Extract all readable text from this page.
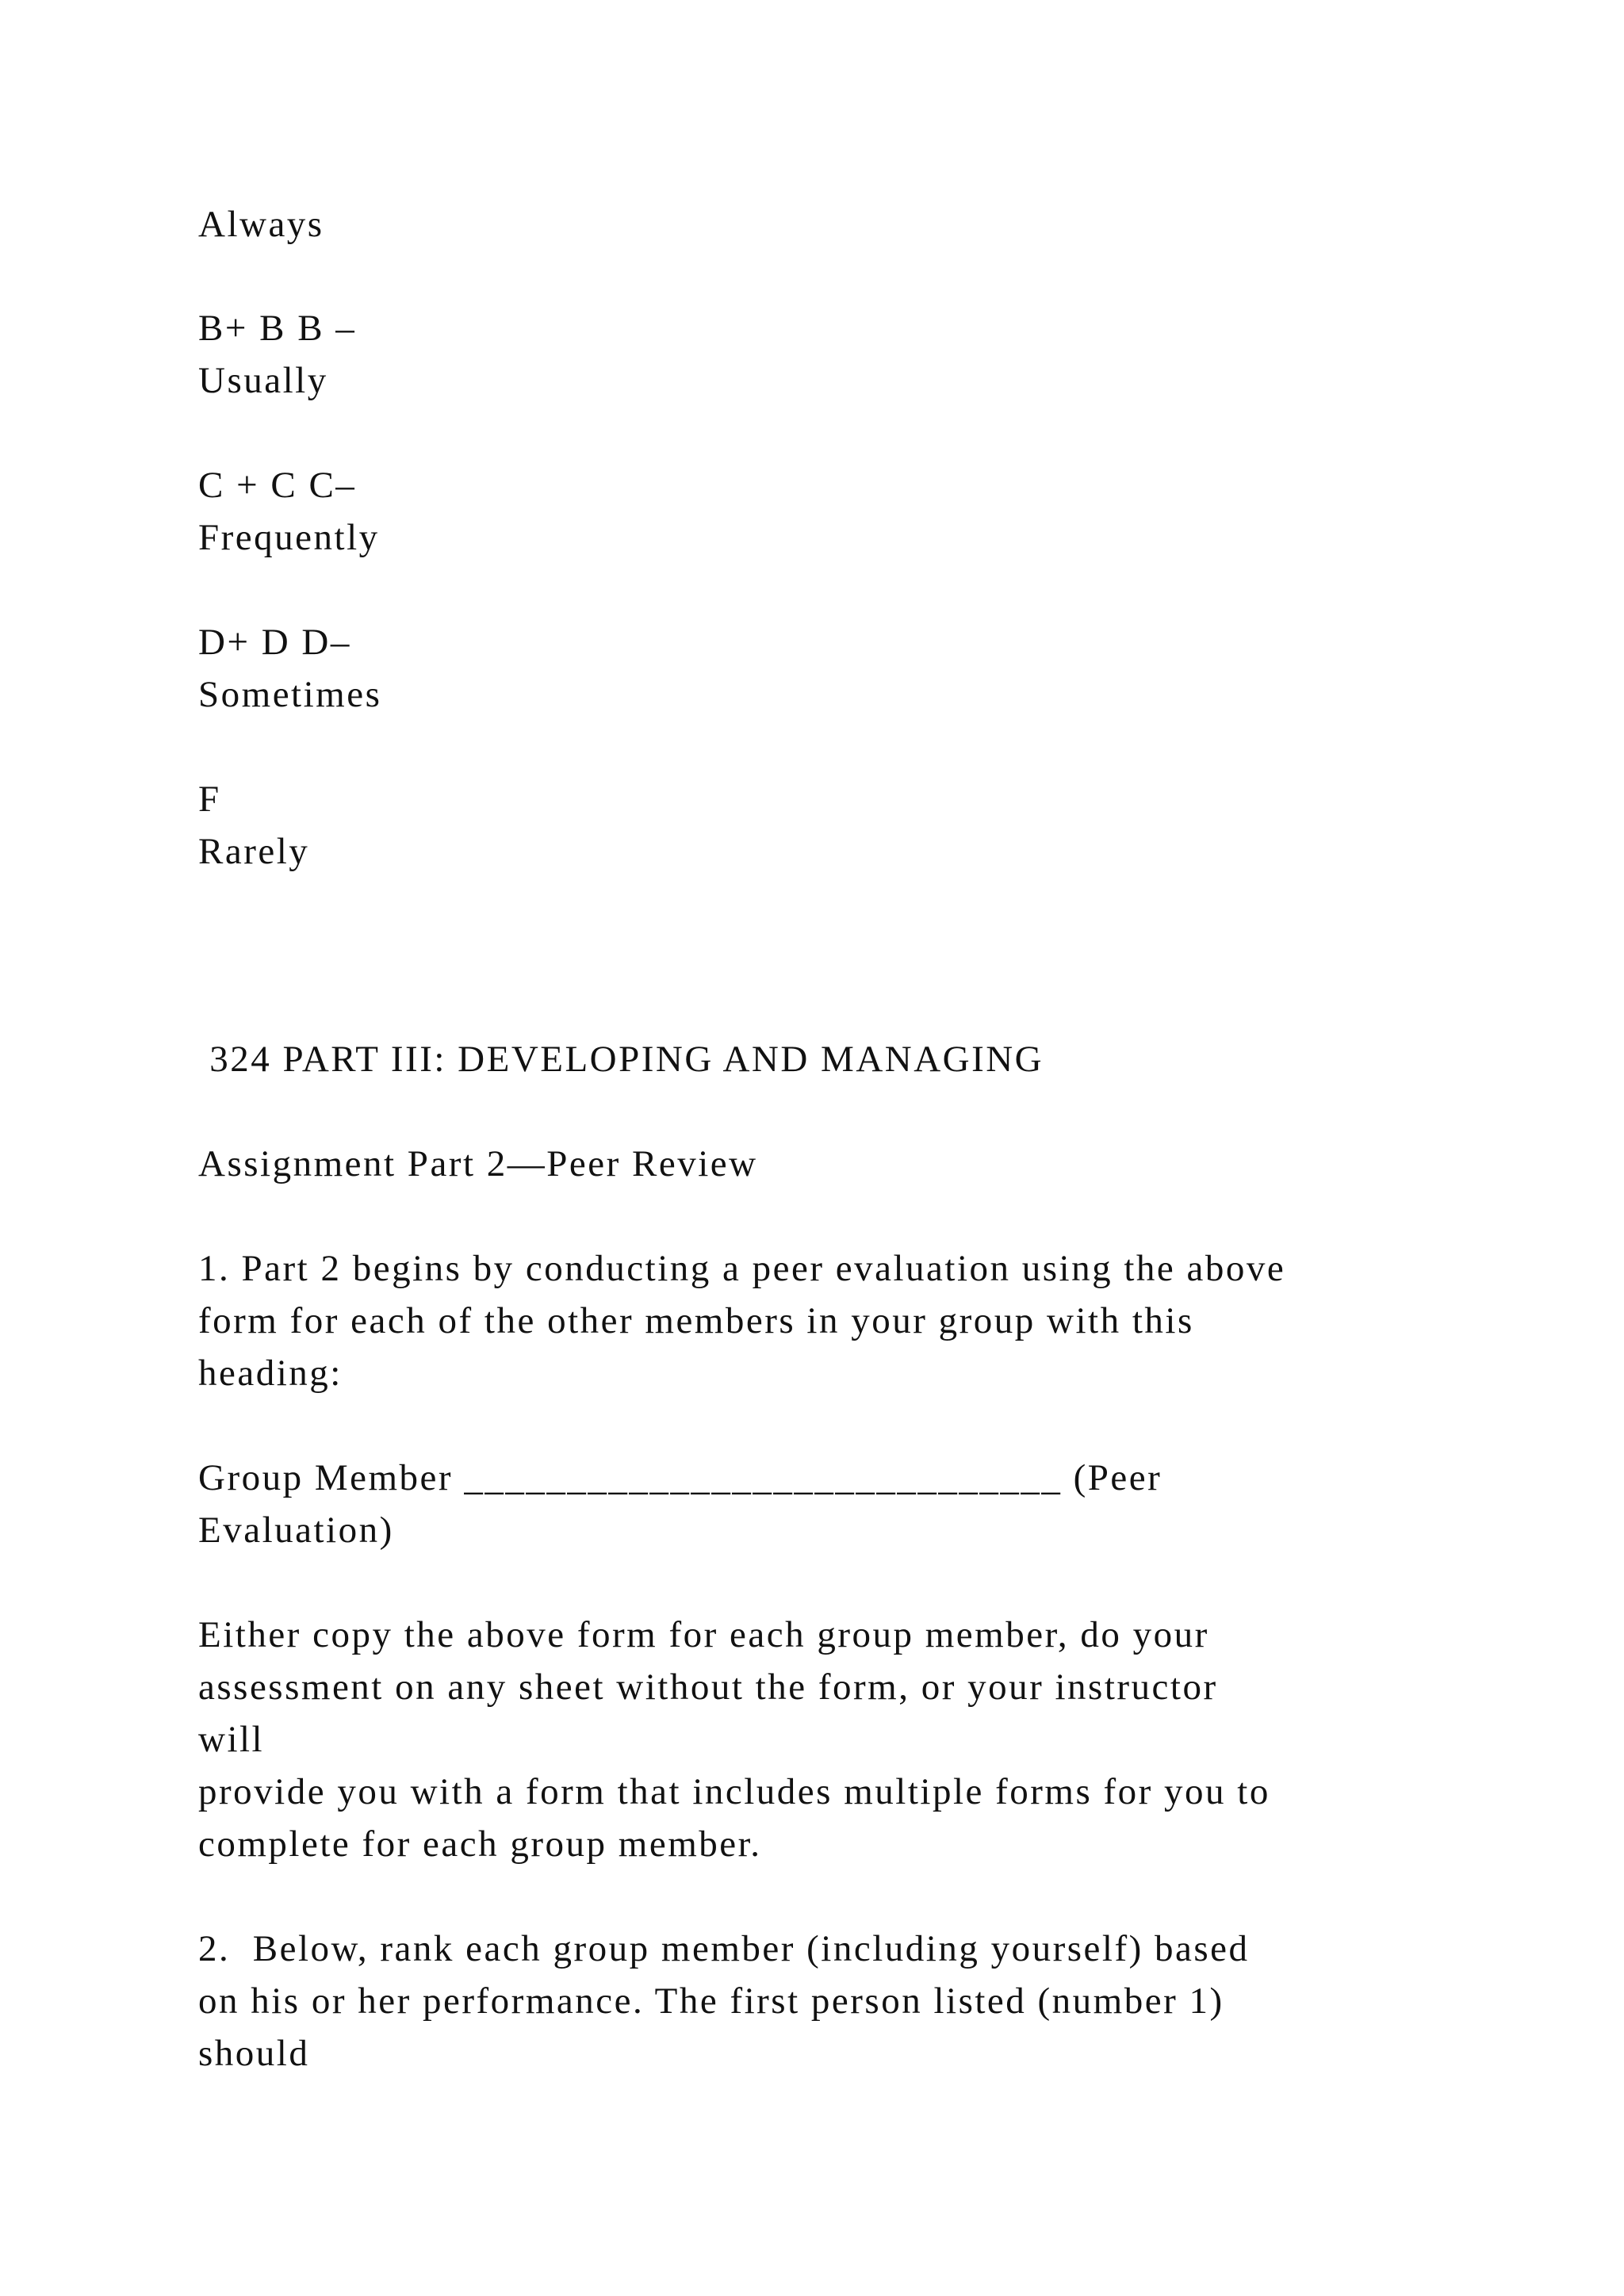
Always
B+ B B –
Usually
C + C C–
Frequently
D+ D D–
Sometimes
F
Rarely
324 PART III: DEVELOPING AND MANAGING
Assignment Part 2—Peer Review
1. Part 2 begins by conducting a peer evaluation using the above
form for each of the other members in your group with this
heading:
Group Member _____________________________ (Peer
Evaluation)
Either copy the above form for each group member, do your
assessment on any sheet without the form, or your instructor
will
provide you with a form that includes multiple forms for you to
complete for each group member.
2.  Below, rank each group member (including yourself) based
on his or her performance. The first person listed (number 1)
should
